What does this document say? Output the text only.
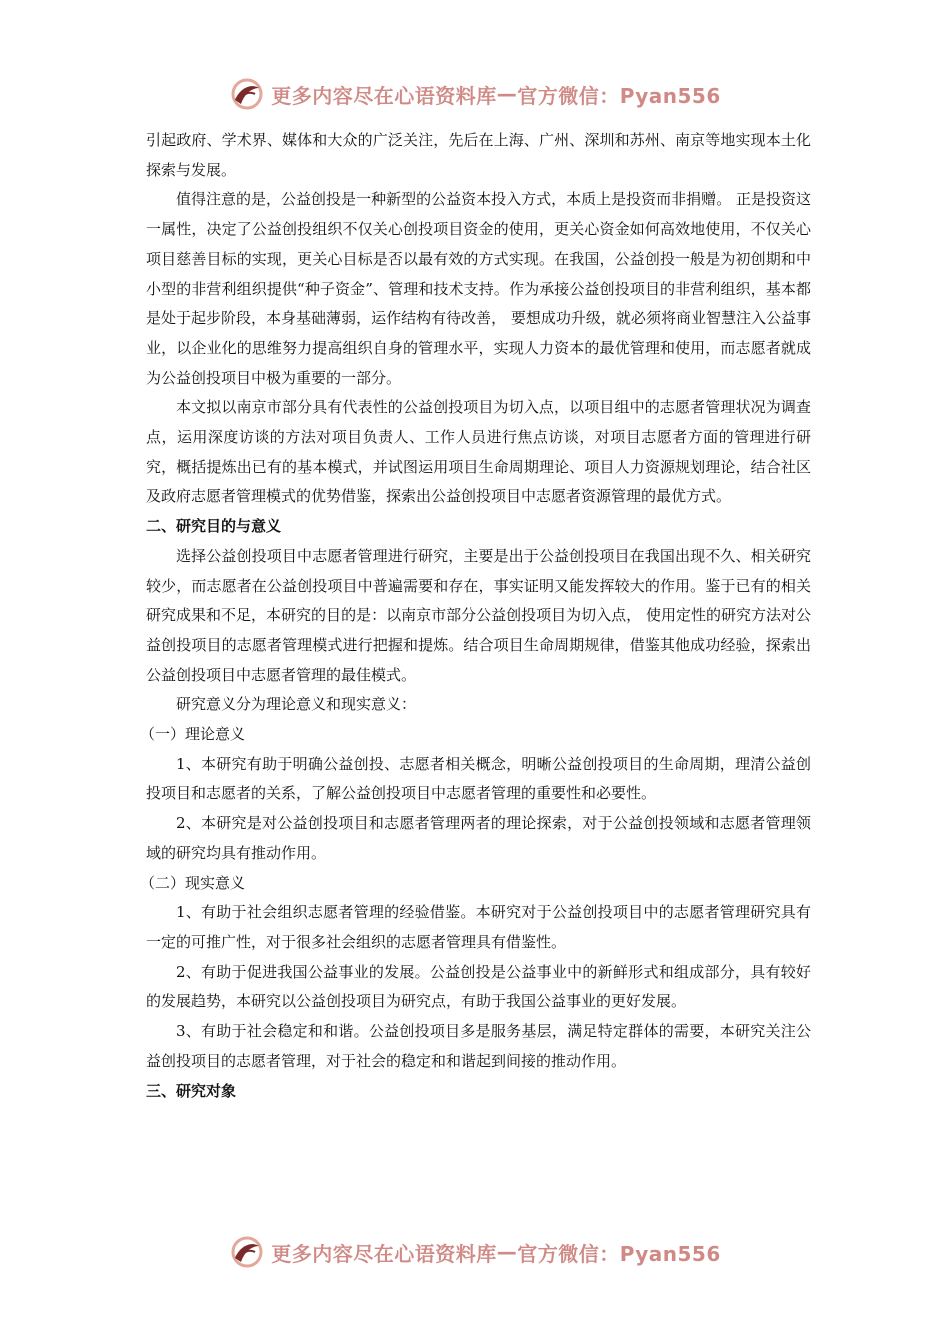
更多内容尽在心语资料库 — 官方微信：Pyan556

引起政府、学术界、媒体和大众的广泛关注，先后在上海、广州、深圳和苏州、南京等地实现本土化探索与发展。

值得注意的是，公益创投是一种新型的公益资本投入方式，本质上是投资而非捐赠。 正是投资这一属性，决定了公益创投组织不仅关心创投项目资金的使用，更关心资金如何高效地使用，不仅关心项目慈善目标的实现，更关心目标是否以最有效的方式实现。在我国，公益创投一般是为初创期和中小型的非营利组织提供“种子资金”、管理和技术支持。作为承接公益创投项目的非营利组织，基本都是处于起步阶段，本身基础薄弱，运作结构有待改善， 要想成功升级，就必须将商业智慧注入公益事业，以企业化的思维努力提高组织自身的管理水平，实现人力资本的最优管理和使用，而志愿者就成为公益创投项目中极为重要的一部分。

本文拟以南京市部分具有代表性的公益创投项目为切入点，以项目组中的志愿者管理状况为调查点，运用深度访谈的方法对项目负责人、工作人员进行焦点访谈，对项目志愿者方面的管理进行研究，概括提炼出已有的基本模式，并试图运用项目生命周期理论、项目人力资源规划理论，结合社区及政府志愿者管理模式的优势借鉴，探索出公益创投项目中志愿者资源管理的最优方式。

二、研究目的与意义

选择公益创投项目中志愿者管理进行研究，主要是出于公益创投项目在我国出现不久、相关研究较少，而志愿者在公益创投项目中普遍需要和存在，事实证明又能发挥较大的作用。鉴于已有的相关研究成果和不足，本研究的目的是：以南京市部分公益创投项目为切入点， 使用定性的研究方法对公益创投项目的志愿者管理模式进行把握和提炼。结合项目生命周期规律，借鉴其他成功经验，探索出公益创投项目中志愿者管理的最佳模式。

研究意义分为理论意义和现实意义：

（一）理论意义

1、本研究有助于明确公益创投、志愿者相关概念，明晰公益创投项目的生命周期，理清公益创投项目和志愿者的关系，了解公益创投项目中志愿者管理的重要性和必要性。

2、本研究是对公益创投项目和志愿者管理两者的理论探索，对于公益创投领域和志愿者管理领域的研究均具有推动作用。

（二）现实意义

1、有助于社会组织志愿者管理的经验借鉴。本研究对于公益创投项目中的志愿者管理研究具有一定的可推广性，对于很多社会组织的志愿者管理具有借鉴性。

2、有助于促进我国公益事业的发展。公益创投是公益事业中的新鲜形式和组成部分，具有较好的发展趋势，本研究以公益创投项目为研究点，有助于我国公益事业的更好发展。

3、有助于社会稳定和和谐。公益创投项目多是服务基层，满足特定群体的需要，本研究关注公益创投项目的志愿者管理，对于社会的稳定和和谐起到间接的推动作用。

三、研究对象

更多内容尽在心语资料库 — 官方微信：Pyan556
